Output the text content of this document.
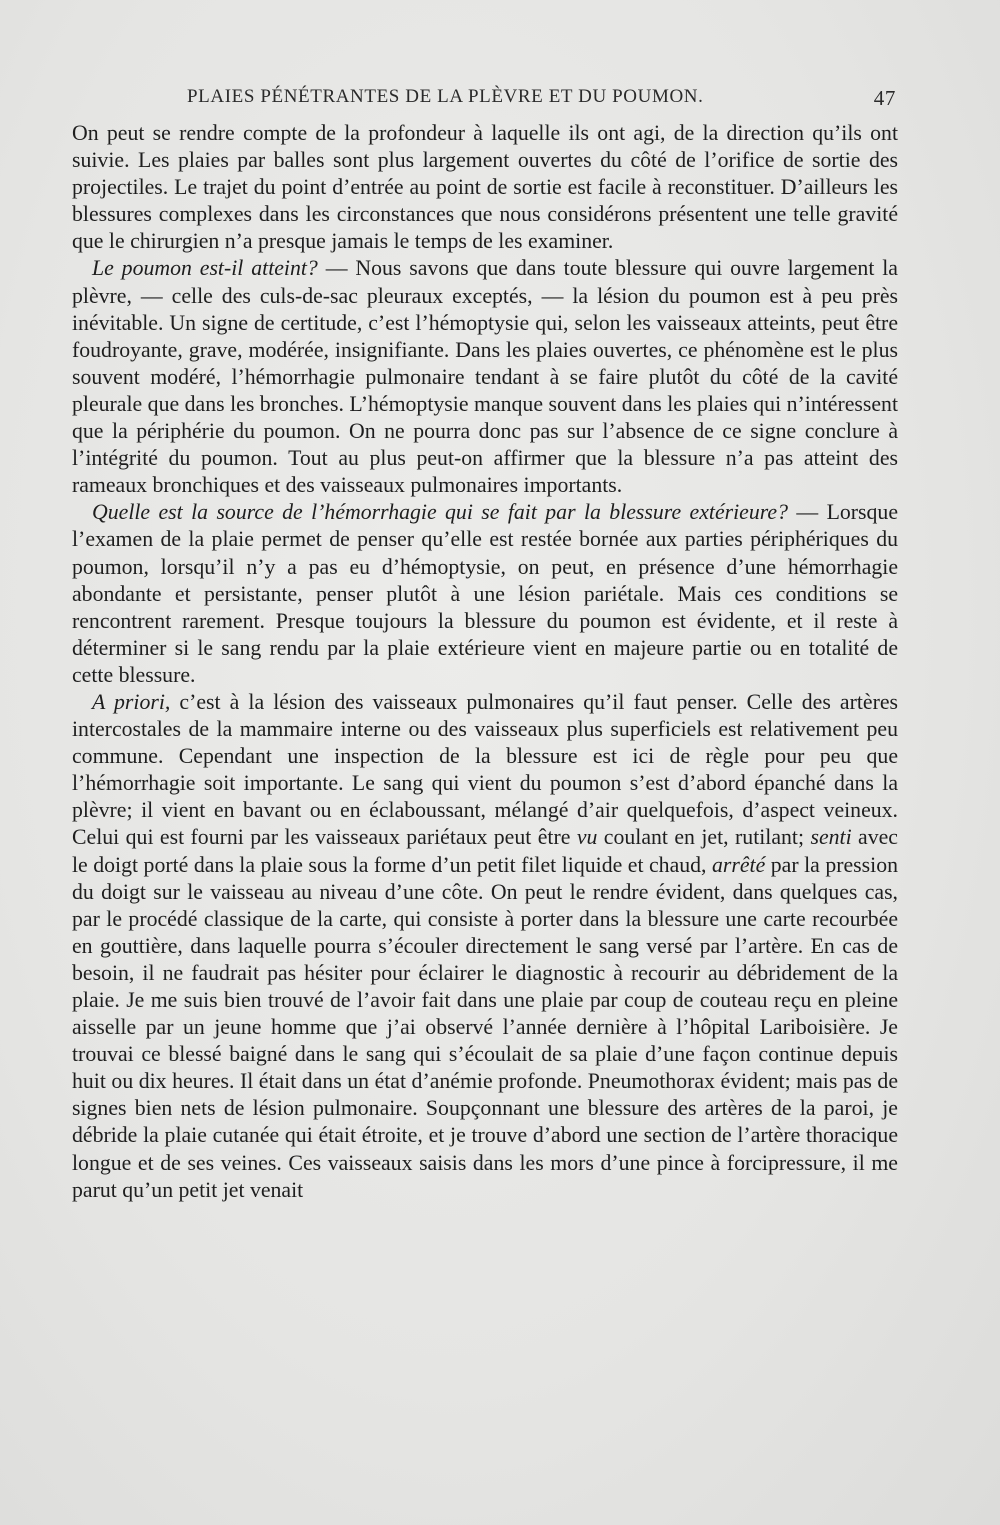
PLAIES PÉNÉTRANTES DE LA PLÈVRE ET DU POUMON.	47

On peut se rendre compte de la profondeur à laquelle ils ont agi, de la direction qu’ils ont suivie. Les plaies par balles sont plus largement ouvertes du côté de l’orifice de sortie des projectiles. Le trajet du point d’entrée au point de sortie est facile à reconstituer. D’ailleurs les blessures complexes dans les circonstances que nous considérons présentent une telle gravité que le chirurgien n’a presque jamais le temps de les examiner.

Le poumon est-il atteint? — Nous savons que dans toute blessure qui ouvre largement la plèvre, — celle des culs-de-sac pleuraux exceptés, — la lésion du poumon est à peu près inévitable. Un signe de certitude, c’est l’hémoptysie qui, selon les vaisseaux atteints, peut être foudroyante, grave, modérée, insignifiante. Dans les plaies ouvertes, ce phénomène est le plus souvent modéré, l’hémorrhagie pulmonaire tendant à se faire plutôt du côté de la cavité pleurale que dans les bronches. L’hémoptysie manque souvent dans les plaies qui n’intéressent que la périphérie du poumon. On ne pourra donc pas sur l’absence de ce signe conclure à l’intégrité du poumon. Tout au plus peut-on affirmer que la blessure n’a pas atteint des rameaux bronchiques et des vaisseaux pulmonaires importants.

Quelle est la source de l’hémorrhagie qui se fait par la blessure extérieure? — Lorsque l’examen de la plaie permet de penser qu’elle est restée bornée aux parties périphériques du poumon, lorsqu’il n’y a pas eu d’hémoptysie, on peut, en présence d’une hémorrhagie abondante et persistante, penser plutôt à une lésion pariétale. Mais ces conditions se rencontrent rarement. Presque toujours la blessure du poumon est évidente, et il reste à déterminer si le sang rendu par la plaie extérieure vient en majeure partie ou en totalité de cette blessure.

A priori, c’est à la lésion des vaisseaux pulmonaires qu’il faut penser. Celle des artères intercostales de la mammaire interne ou des vaisseaux plus superficiels est relativement peu commune. Cependant une inspection de la blessure est ici de règle pour peu que l’hémorrhagie soit importante. Le sang qui vient du poumon s’est d’abord épanché dans la plèvre; il vient en bavant ou en éclaboussant, mélangé d’air quelquefois, d’aspect veineux. Celui qui est fourni par les vaisseaux pariétaux peut être vu coulant en jet, rutilant; senti avec le doigt porté dans la plaie sous la forme d’un petit filet liquide et chaud, arrêté par la pression du doigt sur le vaisseau au niveau d’une côte. On peut le rendre évident, dans quelques cas, par le procédé classique de la carte, qui consiste à porter dans la blessure une carte recourbée en gouttière, dans laquelle pourra s’écouler directement le sang versé par l’artère. En cas de besoin, il ne faudrait pas hésiter pour éclairer le diagnostic à recourir au débridement de la plaie. Je me suis bien trouvé de l’avoir fait dans une plaie par coup de couteau reçu en pleine aisselle par un jeune homme que j’ai observé l’année dernière à l’hôpital Lariboisière. Je trouvai ce blessé baigné dans le sang qui s’écoulait de sa plaie d’une façon continue depuis huit ou dix heures. Il était dans un état d’anémie profonde. Pneumothorax évident; mais pas de signes bien nets de lésion pulmonaire. Soupçonnant une blessure des artères de la paroi, je débride la plaie cutanée qui était étroite, et je trouve d’abord une section de l’artère thoracique longue et de ses veines. Ces vaisseaux saisis dans les mors d’une pince à forcipressure, il me parut qu’un petit jet venait
